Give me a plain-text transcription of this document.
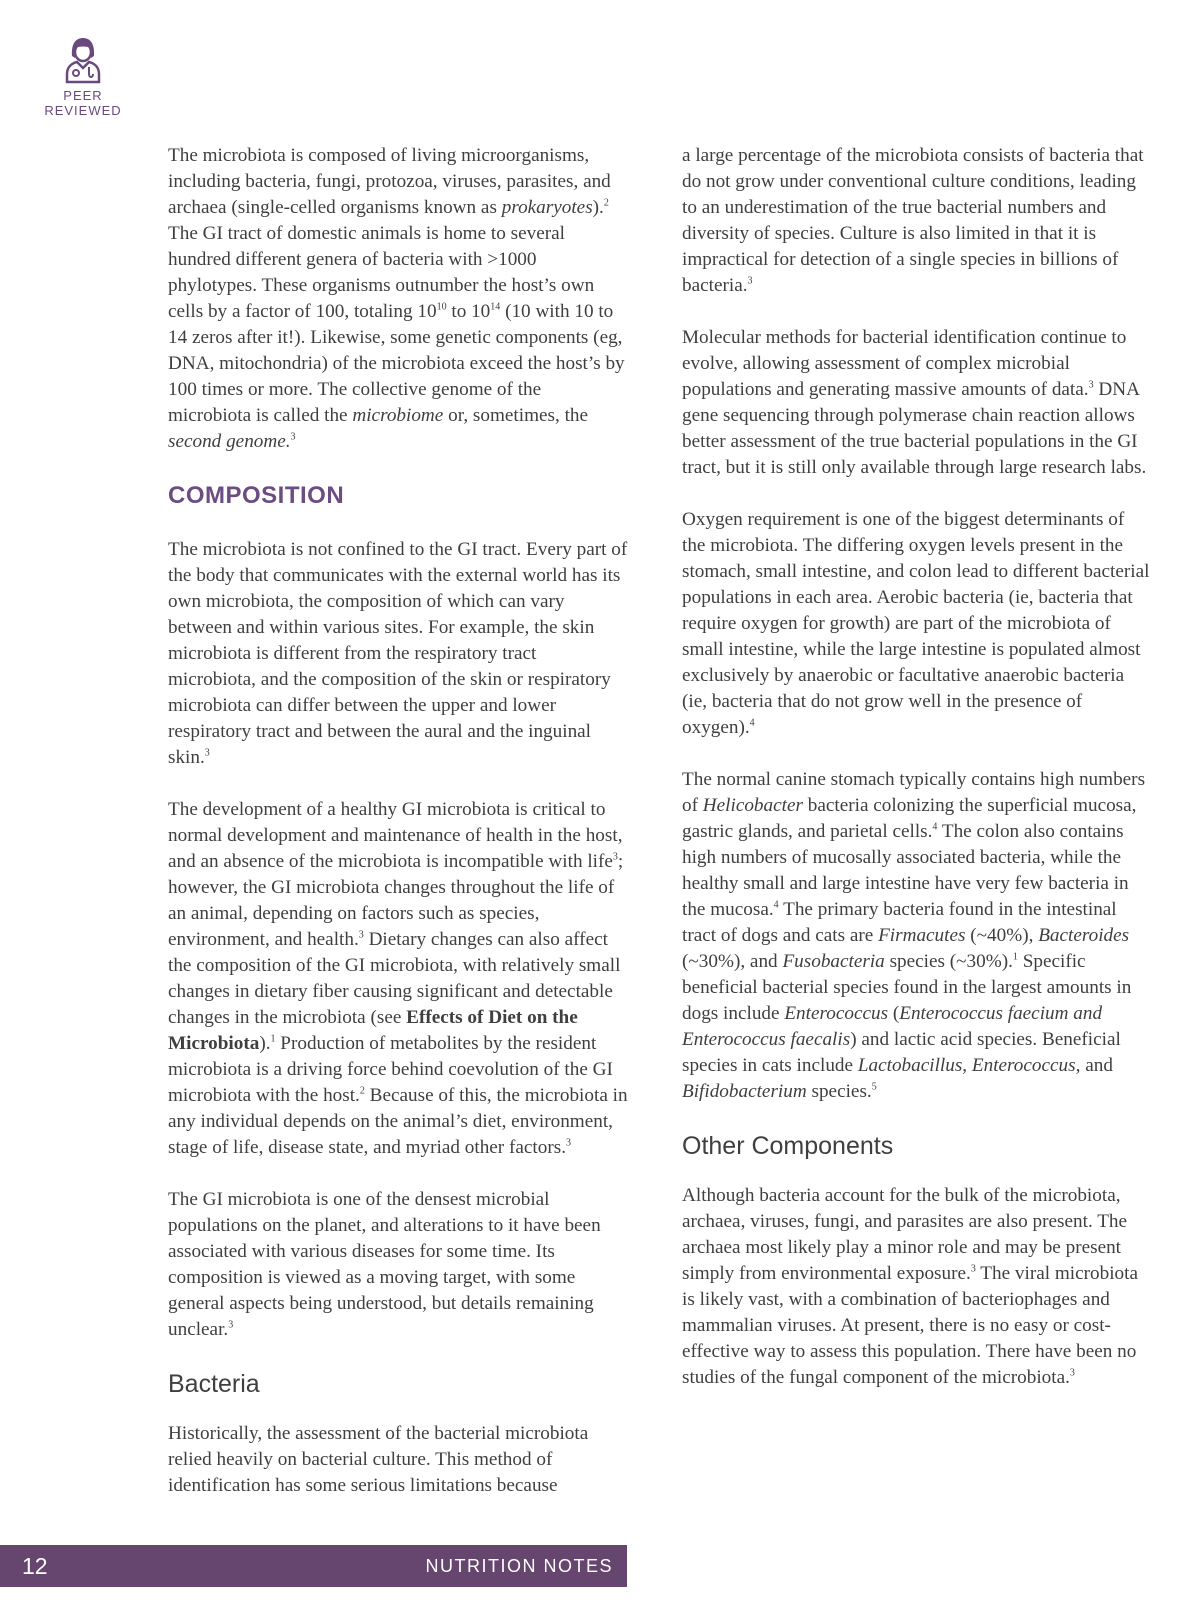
PEER REVIEWED

The microbiota is composed of living microorganisms, including bacteria, fungi, protozoa, viruses, parasites, and archaea (single-celled organisms known as prokaryotes).$^2$ The GI tract of domestic animals is home to several hundred different genera of bacteria with >1000 phylotypes. These organisms outnumber the host’s own cells by a factor of 100, totaling $10^{10}$ to $10^{14}$ (10 with 10 to 14 zeros after it!). Likewise, some genetic components (eg, DNA, mitochondria) of the microbiota exceed the host’s by 100 times or more. The collective genome of the microbiota is called the microbiome or, sometimes, the second genome.$^3$

COMPOSITION

The microbiota is not confined to the GI tract. Every part of the body that communicates with the external world has its own microbiota, the composition of which can vary between and within various sites. For example, the skin microbiota is different from the respiratory tract microbiota, and the composition of the skin or respiratory microbiota can differ between the upper and lower respiratory tract and between the aural and the inguinal skin.$^3$

The development of a healthy GI microbiota is critical to normal development and maintenance of health in the host, and an absence of the microbiota is incompatible with life$^3$; however, the GI microbiota changes throughout the life of an animal, depending on factors such as species, environment, and health.$^3$ Dietary changes can also affect the composition of the GI microbiota, with relatively small changes in dietary fiber causing significant and detectable changes in the microbiota (see Effects of Diet on the Microbiota).$^1$ Production of metabolites by the resident microbiota is a driving force behind coevolution of the GI microbiota with the host.$^2$ Because of this, the microbiota in any individual depends on the animal’s diet, environment, stage of life, disease state, and myriad other factors.$^3$

The GI microbiota is one of the densest microbial populations on the planet, and alterations to it have been associated with various diseases for some time. Its composition is viewed as a moving target, with some general aspects being understood, but details remaining unclear.$^3$

Bacteria

Historically, the assessment of the bacterial microbiota relied heavily on bacterial culture. This method of identification has some serious limitations because

a large percentage of the microbiota consists of bacteria that do not grow under conventional culture conditions, leading to an underestimation of the true bacterial numbers and diversity of species. Culture is also limited in that it is impractical for detection of a single species in billions of bacteria.$^3$

Molecular methods for bacterial identification continue to evolve, allowing assessment of complex microbial populations and generating massive amounts of data.$^3$ DNA gene sequencing through polymerase chain reaction allows better assessment of the true bacterial populations in the GI tract, but it is still only available through large research labs.

Oxygen requirement is one of the biggest determinants of the microbiota. The differing oxygen levels present in the stomach, small intestine, and colon lead to different bacterial populations in each area. Aerobic bacteria (ie, bacteria that require oxygen for growth) are part of the microbiota of small intestine, while the large intestine is populated almost exclusively by anaerobic or facultative anaerobic bacteria (ie, bacteria that do not grow well in the presence of oxygen).$^4$

The normal canine stomach typically contains high numbers of Helicobacter bacteria colonizing the superficial mucosa, gastric glands, and parietal cells.$^4$ The colon also contains high numbers of mucosally associated bacteria, while the healthy small and large intestine have very few bacteria in the mucosa.$^4$ The primary bacteria found in the intestinal tract of dogs and cats are Firmacutes (~40%), Bacteroides (~30%), and Fusobacteria species (~30%).$^1$ Specific beneficial bacterial species found in the largest amounts in dogs include Enterococcus (Enterococcus faecium and Enterococcus faecalis) and lactic acid species. Beneficial species in cats include Lactobacillus, Enterococcus, and Bifidobacterium species.$^5$

Other Components

Although bacteria account for the bulk of the microbiota, archaea, viruses, fungi, and parasites are also present. The archaea most likely play a minor role and may be present simply from environmental exposure.$^3$ The viral microbiota is likely vast, with a combination of bacteriophages and mammalian viruses. At present, there is no easy or cost-effective way to assess this population. There have been no studies of the fungal component of the microbiota.$^3$

12	NUTRITION NOTES
